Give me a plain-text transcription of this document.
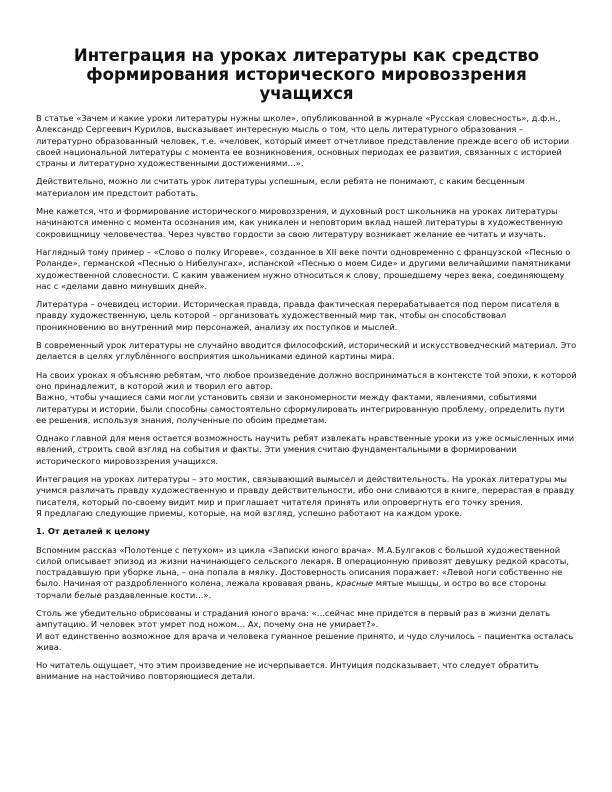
Интеграция на уроках литературы как средство формирования исторического мировоззрения учащихся

В статье «Зачем и какие уроки литературы нужны школе», опубликованной в журнале «Русская словесность», д.ф.н., Александр Сергеевич Курилов, высказывает интересную мысль о том, что цель литературного образования – литературно образованный человек, т.е. «человек, который имеет отчетливое представление прежде всего об истории своей национальной литературы с момента ее возникновения, основных периодах ее развития, связанных с историей страны и литературно художественными достижениями…».

Действительно, можно ли считать урок литературы успешным, если ребята не понимают, с каким бесценным материалом им предстоит работать.

Мне кажется, что и формирование исторического мировоззрения, и духовный рост школьника на уроках литературы начинаются именно с момента осознания им, как уникален и неповторим вклад нашей литературы в художественную сокровищницу человечества. Через чувство гордости за свою литературу возникает желание ее читать и изучать.

Наглядный тому пример – «Слово о полку Игореве», созданное в XII веке почти одновременно с французской «Песнью о Роланде», германской «Песнью о Нибелунгах», испанской «Песнью о моем Сиде» и другими величайшими памятниками художественной словесности. С каким уважением нужно относиться к слову, прошедшему через века, соединяющему нас с «делами давно минувших дней».

Литература – очевидец истории. Историческая правда, правда фактическая перерабатывается под пером писателя в правду художественную, цель которой – организовать художественный мир так, чтобы он способствовал проникновению во внутренний мир персонажей, анализу их поступков и мыслей.

В современный урок литературы не случайно вводится философский, исторический и искусствоведческий материал. Это делается в целях углублённого восприятия школьниками единой картины мира.

На своих уроках я объясняю ребятам, что любое произведение должно восприниматься в контексте той эпохи, к которой оно принадлежит, в которой жил и творил его автор.

Важно, чтобы учащиеся сами могли установить связи и закономерности между фактами, явлениями, событиями литературы и истории, были способны самостоятельно сформулировать интегрированную проблему, определить пути ее решения, используя знания, полученные по обоим предметам.

Однако главной для меня остается возможность научить ребят извлекать нравственные уроки из уже осмысленных ими явлений, строить свой взгляд на события и факты. Эти умения считаю фундаментальными в формировании исторического мировоззрения учащихся.

Интеграция на уроках литературы – это мостик, связывающий вымысел и действительность. На уроках литературы мы учимся различать правду художественную и правду действительности, ибо они сливаются в книге, перерастая в правду писателя, который по-своему видит мир и приглашает читателя принять или опровергнуть его точку зрения.

Я предлагаю следующие приемы, которые, на мой взгляд, успешно работают на каждом уроке.

1. От деталей к целому

Вспомним рассказ «Полотенце с петухом» из цикла «Записки юного врача». М.А.Булгаков с большой художественной силой описывает эпизод из жизни начинающего сельского лекаря. В операционную привозят девушку редкой красоты, пострадавшую при уборке льна, – она попала в мялку. Достоверность описания поражает: «Левой ноги собственно не было. Начиная от раздробленного колена, лежала кровавая рвань, красные мятые мышцы, и остро во все стороны торчали белые раздавленные кости…».

Столь же убедительно обрисованы и страдания юного врача: «…сейчас мне придется в первый раз в жизни делать ампутацию. И человек этот умрет под ножом… Ах, почему она не умирает?».

И вот единственно возможное для врача и человека гуманное решение принято, и чудо случилось – пациентка осталась жива.

Но читатель ощущает, что этим произведение не исчерпывается. Интуиция подсказывает, что следует обратить внимание на настойчиво повторяющиеся детали.
